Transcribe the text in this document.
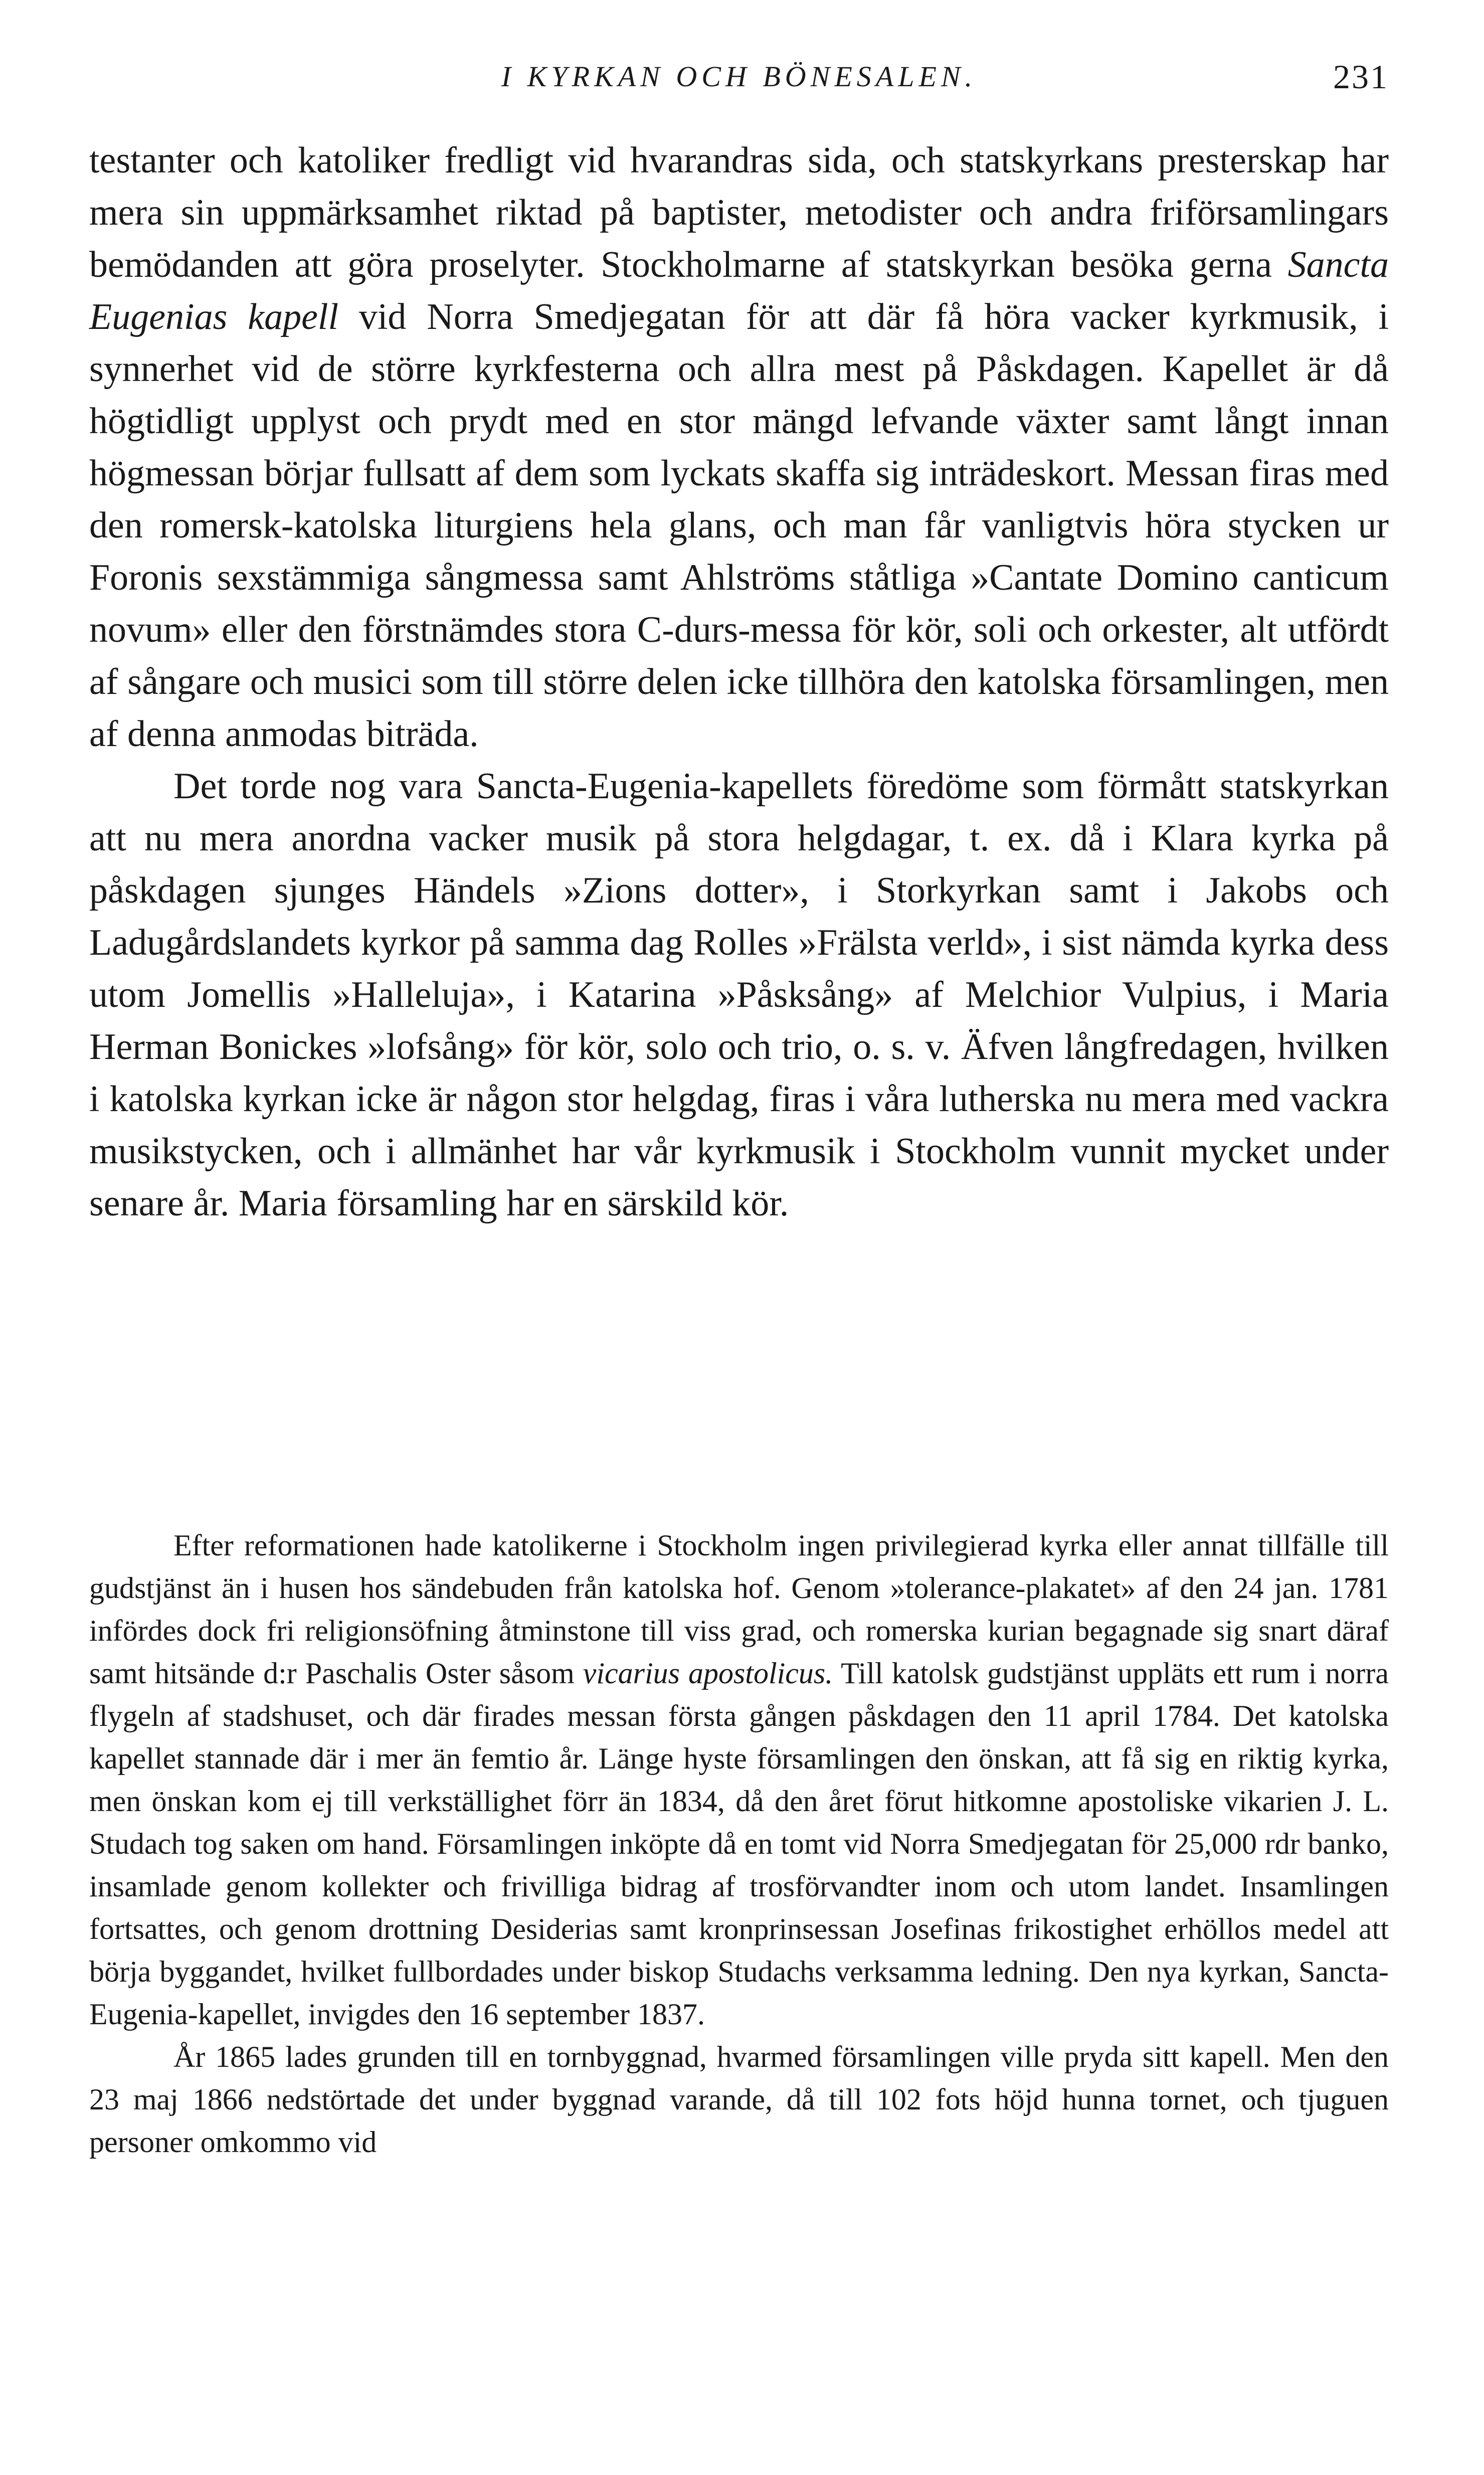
I KYRKAN OCH BÖNESALEN.	231

testanter och katoliker fredligt vid hvarandras sida, och statskyrkans presterskap har mera sin uppmärksamhet riktad på baptister, metodister och andra friförsamlingars bemödanden att göra proselyter. Stockholmarne af statskyrkan besöka gerna Sancta Eugenias kapell vid Norra Smedjegatan för att där få höra vacker kyrkmusik, i synnerhet vid de större kyrkfesterna och allra mest på Påskdagen. Kapellet är då högtidligt upplyst och prydt med en stor mängd lefvande växter samt långt innan högmessan börjar fullsatt af dem som lyckats skaffa sig inträdeskort. Messan firas med den romersk-katolska liturgiens hela glans, och man får vanligtvis höra stycken ur Foronis sexstämmiga sångmessa samt Ahlströms ståtliga »Cantate Domino canticum novum» eller den förstnämdes stora C-durs-messa för kör, soli och orkester, alt utfördt af sångare och musici som till större delen icke tillhöra den katolska församlingen, men af denna anmodas biträda.

Det torde nog vara Sancta-Eugenia-kapellets föredöme som förmått statskyrkan att nu mera anordna vacker musik på stora helgdagar, t. ex. då i Klara kyrka på påskdagen sjunges Händels »Zions dotter», i Storkyrkan samt i Jakobs och Ladugårdslandets kyrkor på samma dag Rolles »Frälsta verld», i sist nämda kyrka dess utom Jomellis »Halleluja», i Katarina »Påsksång» af Melchior Vulpius, i Maria Herman Bonickes »lofsång» för kör, solo och trio, o. s. v. Äfven långfredagen, hvilken i katolska kyrkan icke är någon stor helgdag, firas i våra lutherska nu mera med vackra musikstycken, och i allmänhet har vår kyrkmusik i Stockholm vunnit mycket under senare år. Maria församling har en särskild kör.

Efter reformationen hade katolikerne i Stockholm ingen privilegierad kyrka eller annat tillfälle till gudstjänst än i husen hos sändebuden från katolska hof. Genom »tolerance-plakatet» af den 24 jan. 1781 infördes dock fri religionsöfning åtminstone till viss grad, och romerska kurian begagnade sig snart däraf samt hitsände d:r Paschalis Oster såsom vicarius apostolicus. Till katolsk gudstjänst uppläts ett rum i norra flygeln af stadshuset, och där firades messan första gången påskdagen den 11 april 1784. Det katolska kapellet stannade där i mer än femtio år. Länge hyste församlingen den önskan, att få sig en riktig kyrka, men önskan kom ej till verkställighet förr än 1834, då den året förut hitkomne apostoliske vikarien J. L. Studach tog saken om hand. Församlingen inköpte då en tomt vid Norra Smedjegatan för 25,000 rdr banko, insamlade genom kollekter och frivilliga bidrag af trosförvandter inom och utom landet. Insamlingen fortsattes, och genom drottning Desiderias samt kronprinsessan Josefinas frikostighet erhöllos medel att börja byggandet, hvilket fullbordades under biskop Studachs verksamma ledning. Den nya kyrkan, Sancta-Eugenia-kapellet, invigdes den 16 september 1837.

År 1865 lades grunden till en tornbyggnad, hvarmed församlingen ville pryda sitt kapell. Men den 23 maj 1866 nedstörtade det under byggnad varande, då till 102 fots höjd hunna tornet, och tjuguen personer omkommo vid
